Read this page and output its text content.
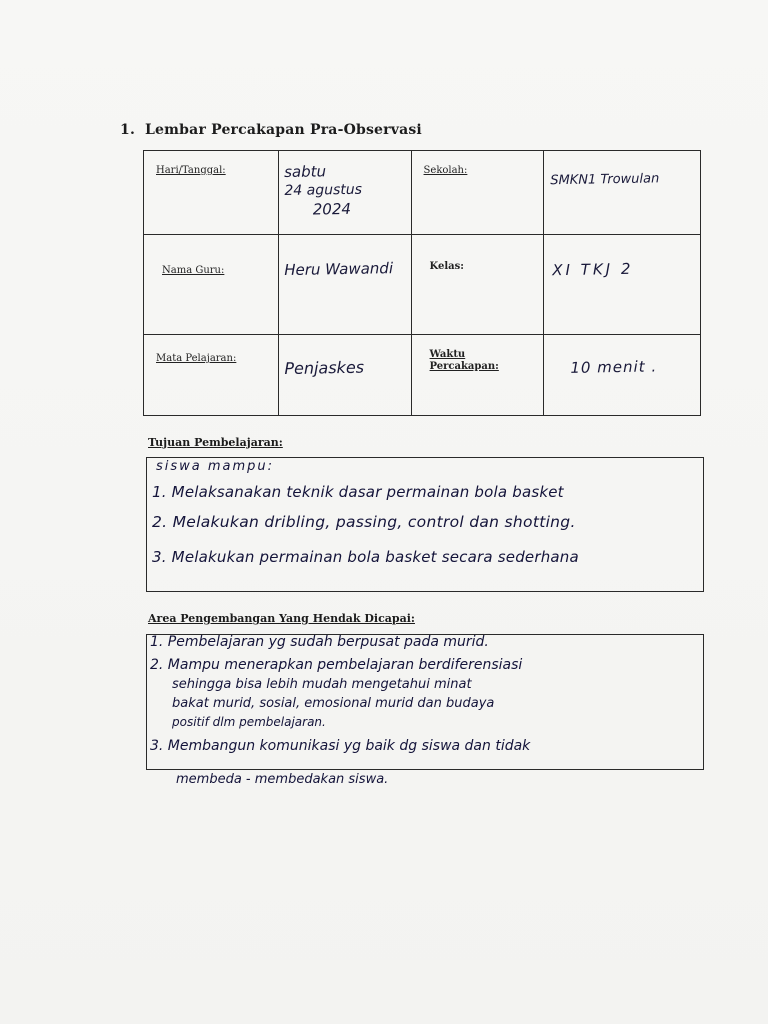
1. Lembar Percakapan Pra-Observasi
Hari/Tanggal:	sabtu
24 agustus
2024	Sekolah:	SMKN1 Trowulan
Nama Guru:	Heru Wawandi	Kelas:	XI TKJ 2
Mata Pelajaran:	Penjaskes	Waktu
Percakapan:	10 menit .
Tujuan Pembelajaran:
siswa mampu:
1. Melaksanakan teknik dasar permainan bola basket
2. Melakukan dribling, passing, control dan shotting.
3. Melakukan permainan bola basket secara sederhana
Area Pengembangan Yang Hendak Dicapai:
1. Pembelajaran yg sudah berpusat pada murid.
2. Mampu menerapkan pembelajaran berdiferensiasi
sehingga bisa lebih mudah mengetahui minat
bakat murid, sosial, emosional murid dan budaya
positif dlm pembelajaran.
3. Membangun komunikasi yg baik dg siswa dan tidak
membeda - membedakan siswa.
